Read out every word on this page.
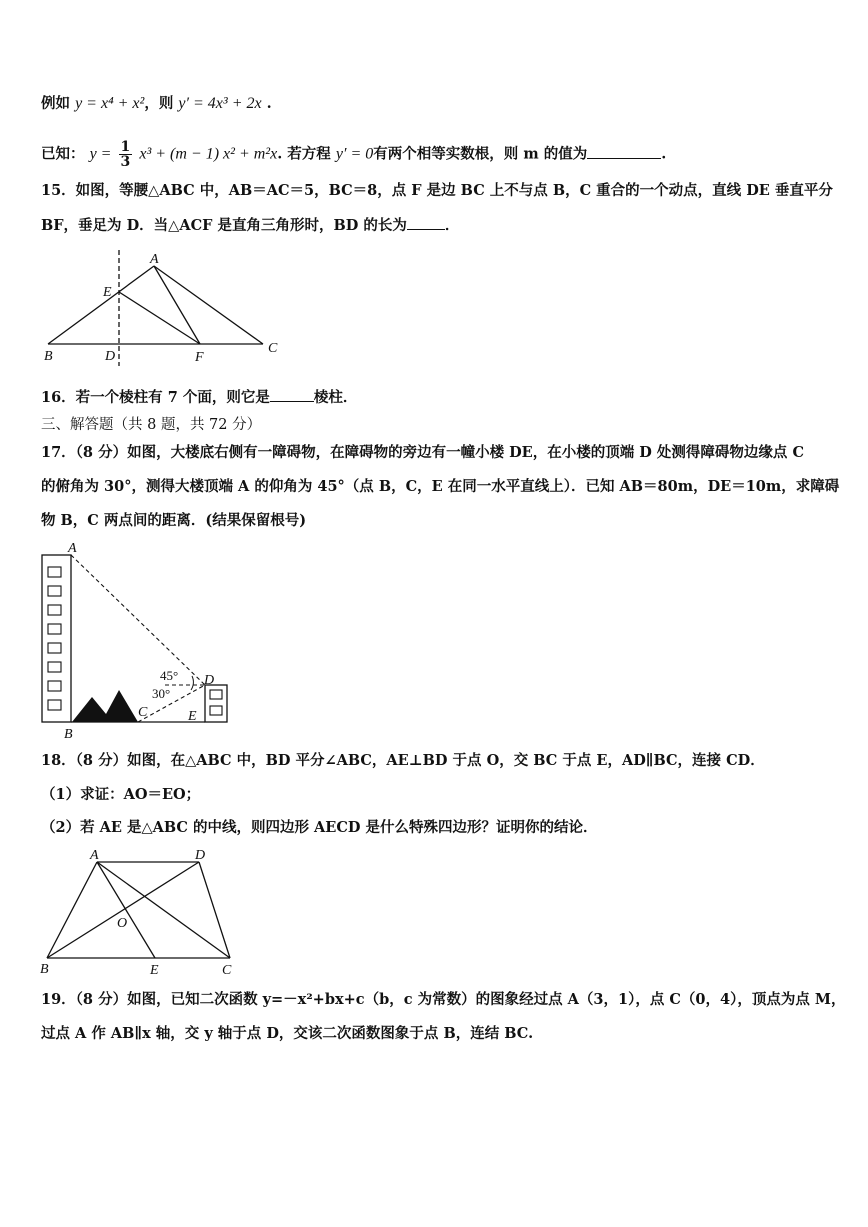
例如 y = x⁴ + x²，则 y′ = 4x³ + 2x .
已知： $y = \frac{1}{3} x^3 + (m - 1) x^2 + m^2x$. 若方程 y′ = 0有两个相等实数根，则 m 的值为	.
15．如图，等腰△ABC 中，AB＝AC＝5，BC＝8，点 F 是边 BC 上不与点 B，C 重合的一个动点，直线 DE 垂直平分
BF，垂足为 D．当△ACF 是直角三角形时，BD 的长为	．
A
E
B	D	F
C
16．若一个棱柱有 7 个面，则它是	棱柱．
三、解答题（共 8 题，共 72 分）
17．（8 分）如图，大楼底右侧有一障碍物，在障碍物的旁边有一幢小楼 DE，在小楼的顶端 D 处测得障碍物边缘点 C
的俯角为 30°，测得大楼顶端 A 的仰角为 45°（点 B，C，E 在同一水平直线上）．已知 AB＝80m，DE＝10m，求障碍
物 B，C 两点间的距离．(结果保留根号)
A
B
C
D
E
45°
30°
18．（8 分）如图，在△ABC 中，BD 平分∠ABC，AE⊥BD 于点 O，交 BC 于点 E，AD∥BC，连接 CD．
（1）求证：AO＝EO；
（2）若 AE 是△ABC 的中线，则四边形 AECD 是什么特殊四边形？证明你的结论．
A	D
O
B	E	C
19．（8 分）如图，已知二次函数 y=－x²+bx+c（b，c 为常数）的图象经过点 A（3，1），点 C（0，4），顶点为点 M，
过点 A 作 AB∥x 轴，交 y 轴于点 D，交该二次函数图象于点 B，连结 BC.
